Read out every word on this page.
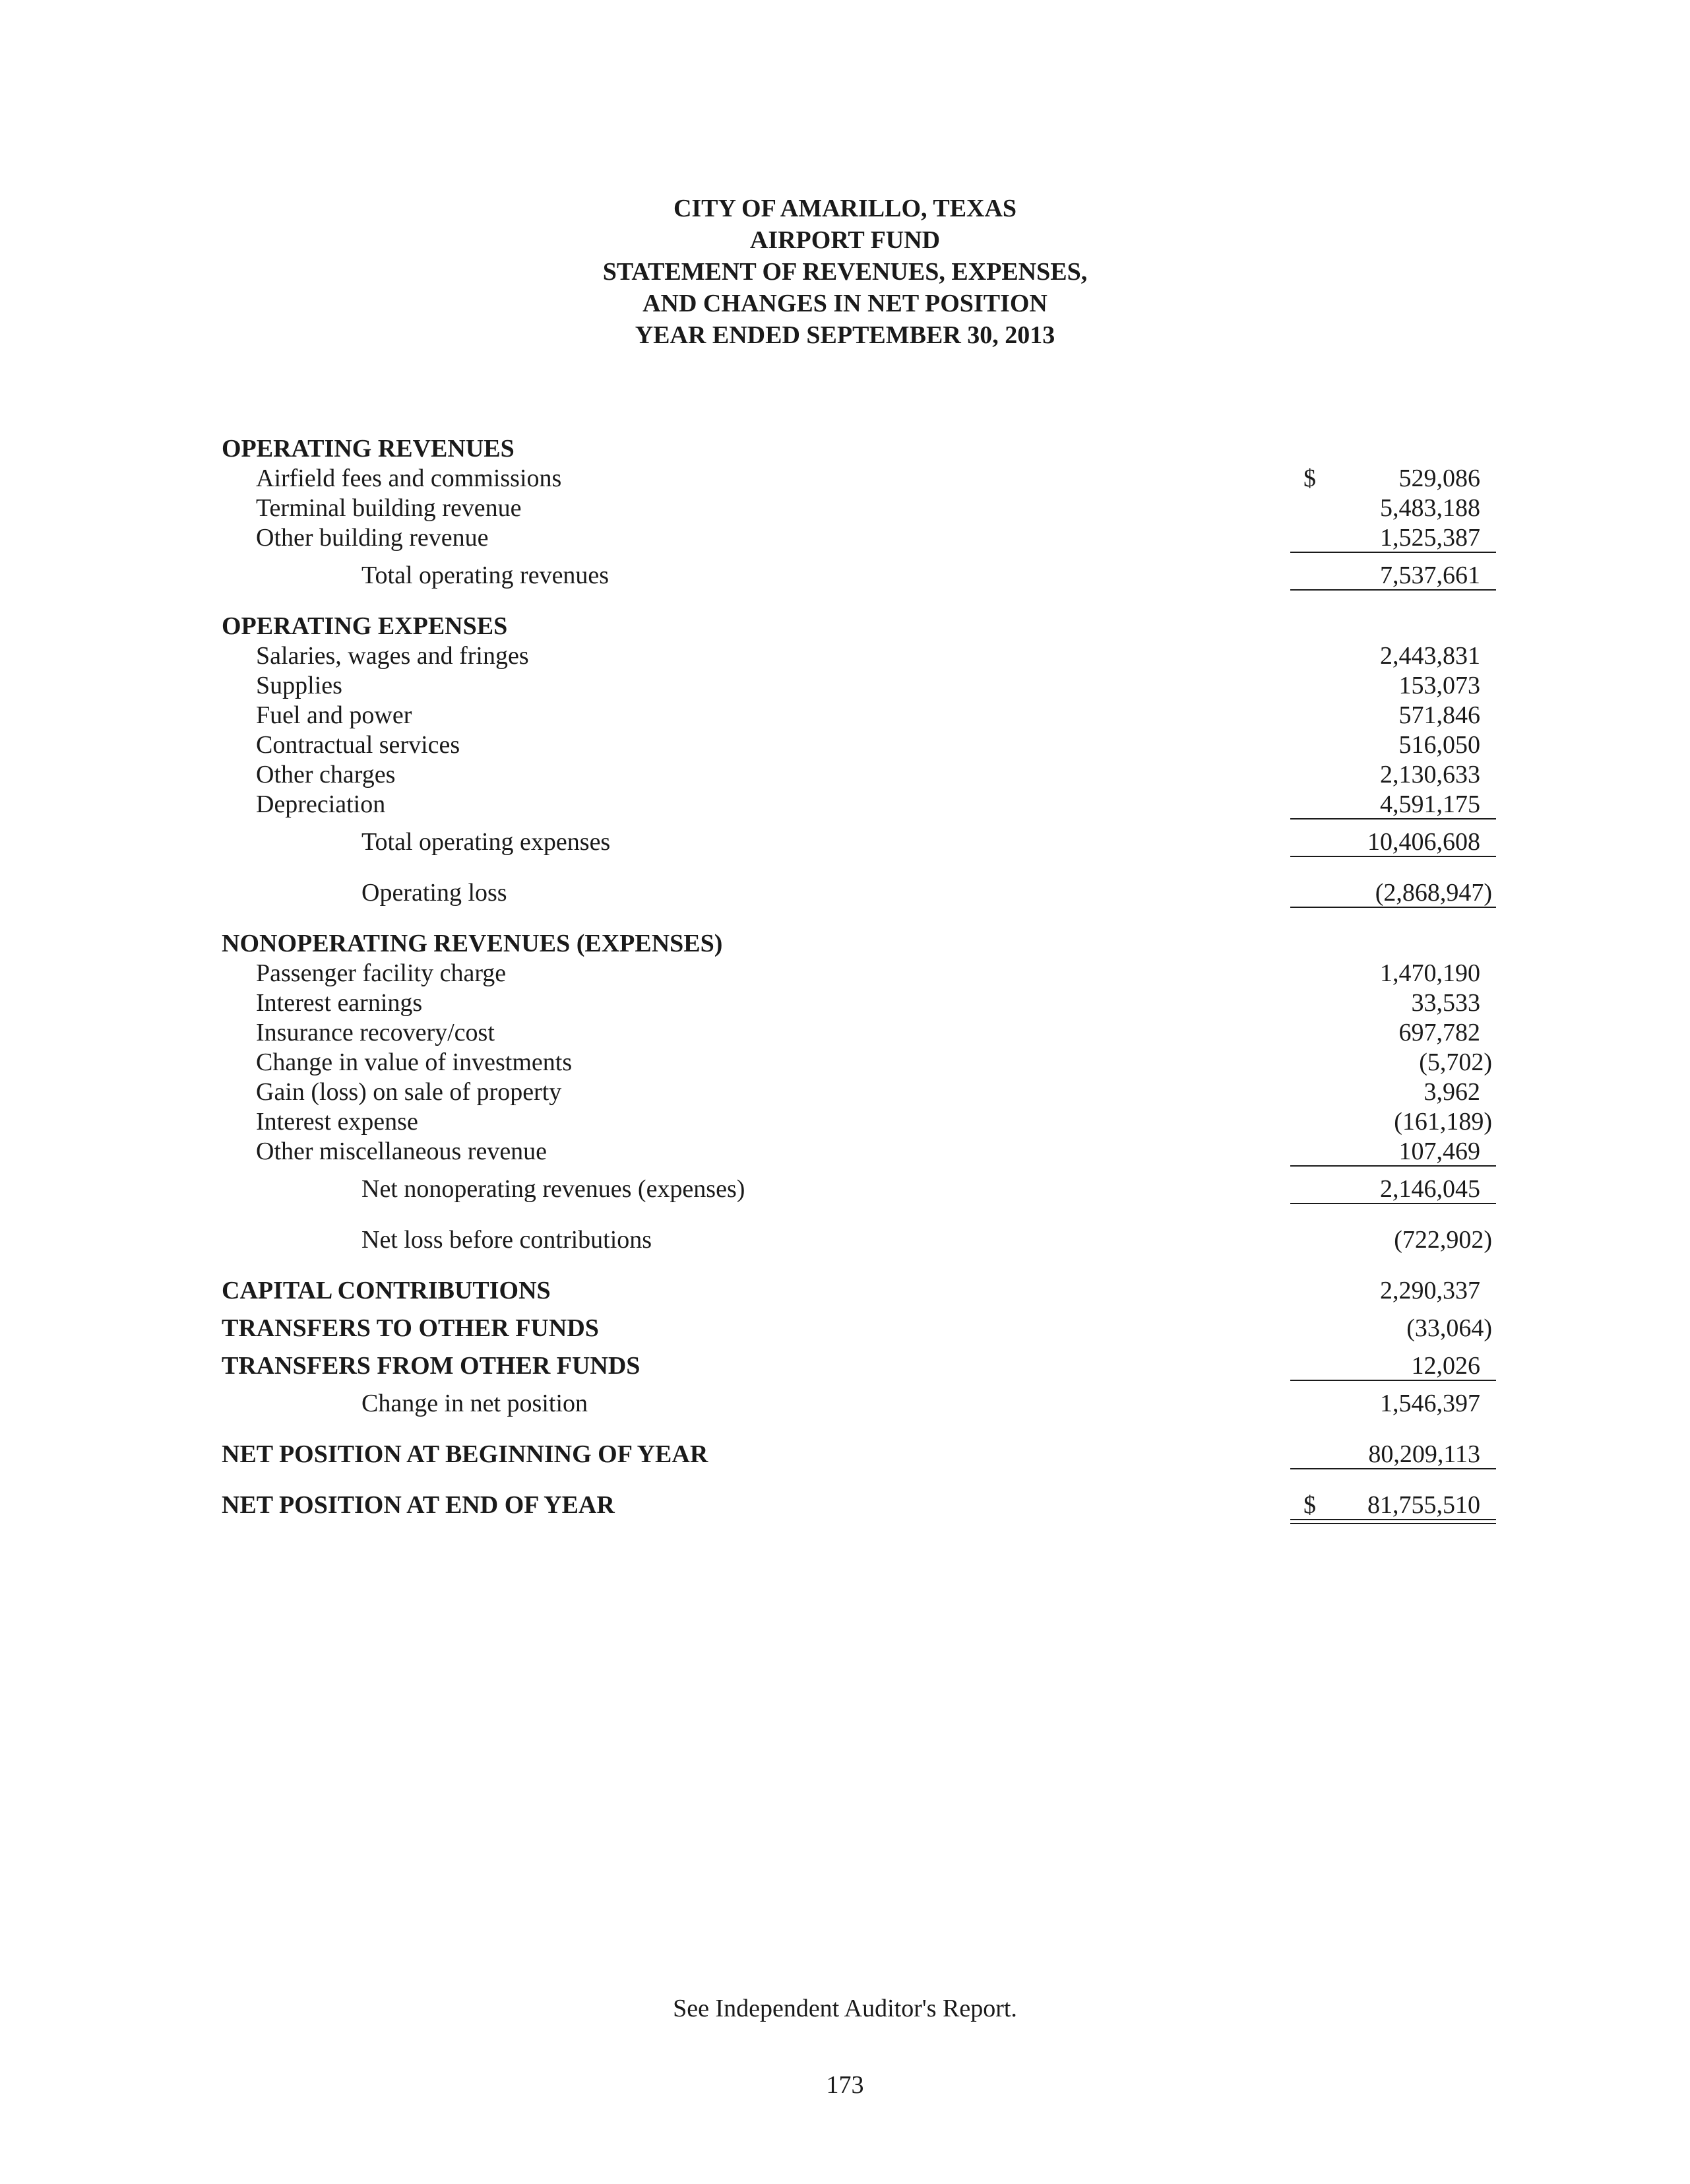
CITY OF AMARILLO, TEXAS
AIRPORT FUND
STATEMENT OF REVENUES, EXPENSES,
AND CHANGES IN NET POSITION
YEAR ENDED SEPTEMBER 30, 2013
OPERATING REVENUES
Airfield fees and commissions	$	529,086
Terminal building revenue	5,483,188
Other building revenue	1,525,387
Total operating revenues	7,537,661
OPERATING EXPENSES
Salaries, wages and fringes	2,443,831
Supplies	153,073
Fuel and power	571,846
Contractual services	516,050
Other charges	2,130,633
Depreciation	4,591,175
Total operating expenses	10,406,608
Operating loss	(2,868,947)
NONOPERATING REVENUES (EXPENSES)
Passenger facility charge	1,470,190
Interest earnings	33,533
Insurance recovery/cost	697,782
Change in value of investments	(5,702)
Gain (loss) on sale of property	3,962
Interest expense	(161,189)
Other miscellaneous revenue	107,469
Net nonoperating revenues (expenses)	2,146,045
Net loss before contributions	(722,902)
CAPITAL CONTRIBUTIONS	2,290,337
TRANSFERS TO OTHER FUNDS	(33,064)
TRANSFERS FROM OTHER FUNDS	12,026
Change in net position	1,546,397
NET POSITION AT BEGINNING OF YEAR	80,209,113
NET POSITION AT END OF YEAR	$ 81,755,510
See Independent Auditor's Report.
173
